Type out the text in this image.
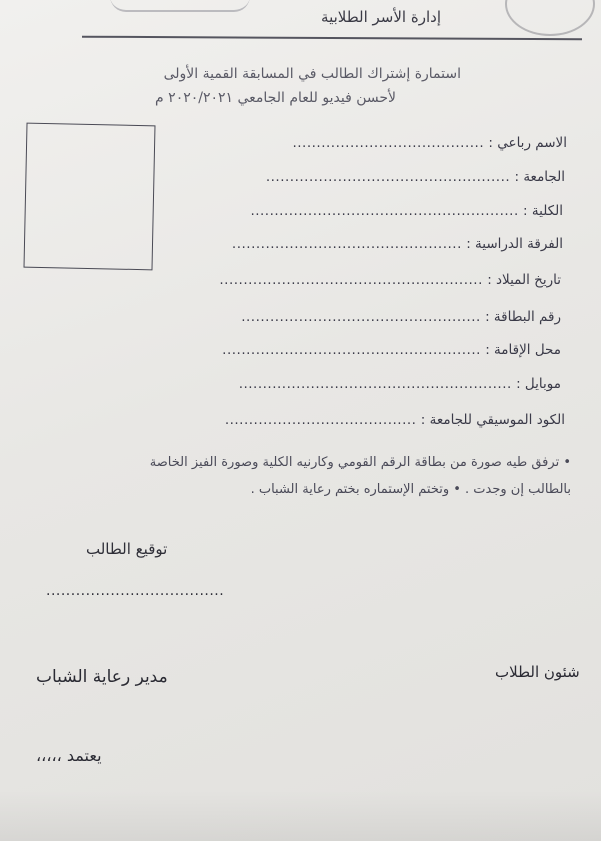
إدارة الأسر الطلابية
استمارة إشتراك الطالب في المسابقة القمية الأولى
لأحسن فيديو للعام الجامعي ٢٠٢٠/٢٠٢١ م
الاسم رباعي : ........................................
الجامعة : ...................................................
الكلية : ........................................................
الفرقة الدراسية : ................................................
تاريخ الميلاد : .......................................................
رقم البطاقة : ..................................................
محل الإقامة : ......................................................
موبايل : .........................................................
الكود الموسيقي للجامعة : ........................................
• ترفق طيه صورة من بطاقة الرقم القومي وكارنيه الكلية وصورة الفيز الخاصة
بالطالب إن وجدت . • وتختم الإستماره بختم رعاية الشباب .
توقيع الطالب
....................................
مدير رعاية الشباب	شئون الطلاب
يعتمد ،،،،،
